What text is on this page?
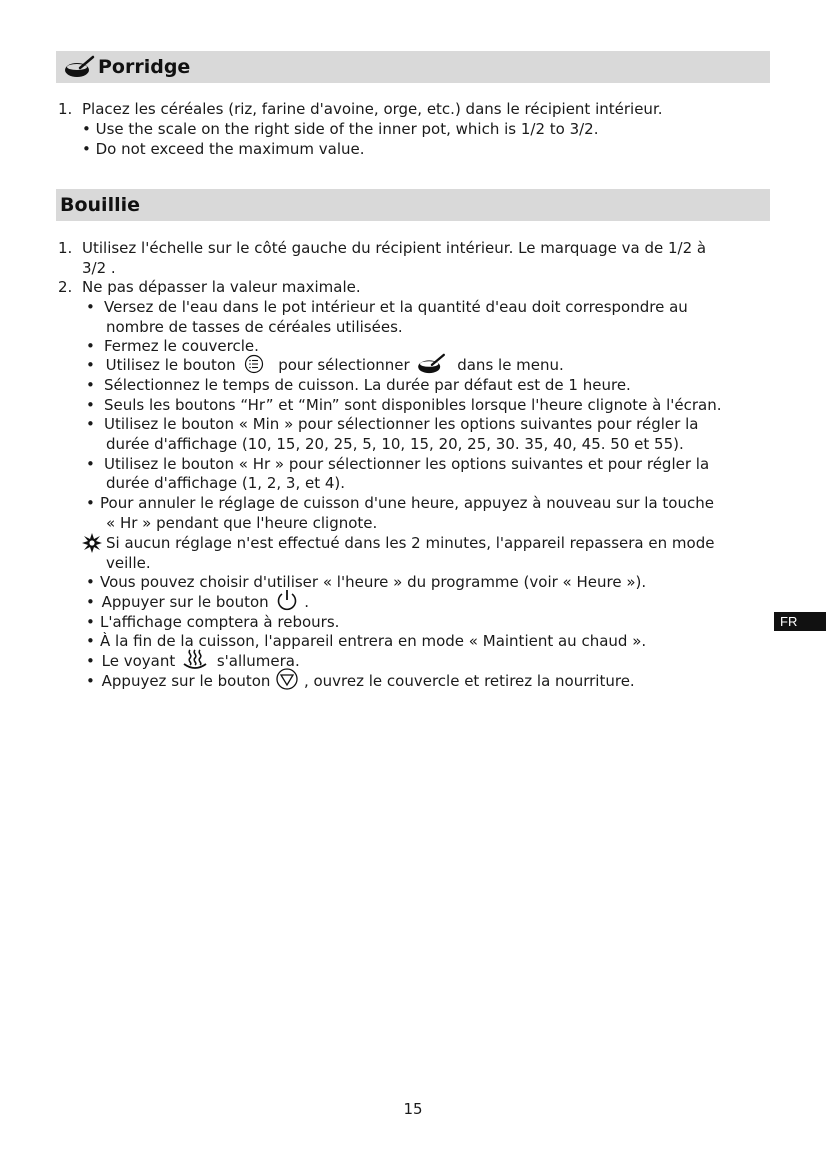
Porridge
1. Placez les céréales (riz, farine d'avoine, orge, etc.) dans le récipient intérieur.
• Use the scale on the right side of the inner pot, which is 1/2 to 3/2.
• Do not exceed the maximum value.
Bouillie
1. Utilisez l'échelle sur le côté gauche du récipient intérieur. Le marquage va de 1/2 à
3/2 .
2. Ne pas dépasser la valeur maximale.
• Versez de l'eau dans le pot intérieur et la quantité d'eau doit correspondre au
nombre de tasses de céréales utilisées.
• Fermez le couvercle.
• Utilisez le bouton	pour sélectionner	dans le menu.
• Sélectionnez le temps de cuisson. La durée par défaut est de 1 heure.
• Seuls les boutons “Hr” et “Min” sont disponibles lorsque l'heure clignote à l'écran.
• Utilisez le bouton « Min » pour sélectionner les options suivantes pour régler la
durée d'affichage (10, 15, 20, 25, 5, 10, 15, 20, 25, 30. 35, 40, 45. 50 et 55).
• Utilisez le bouton « Hr » pour sélectionner les options suivantes et pour régler la
durée d'affichage (1, 2, 3, et 4).
• Pour annuler le réglage de cuisson d'une heure, appuyez à nouveau sur la touche
« Hr » pendant que l'heure clignote.
Si aucun réglage n'est effectué dans les 2 minutes, l'appareil repassera en mode
veille.
• Vous pouvez choisir d'utiliser « l'heure » du programme (voir « Heure »).
• Appuyer sur le bouton .
• L'affichage comptera à rebours.
• À la fin de la cuisson, l'appareil entrera en mode « Maintient au chaud ».
• Le voyant	s'allumera.
• Appuyez sur le bouton , ouvrez le couvercle et retirez la nourriture.
FR
15
